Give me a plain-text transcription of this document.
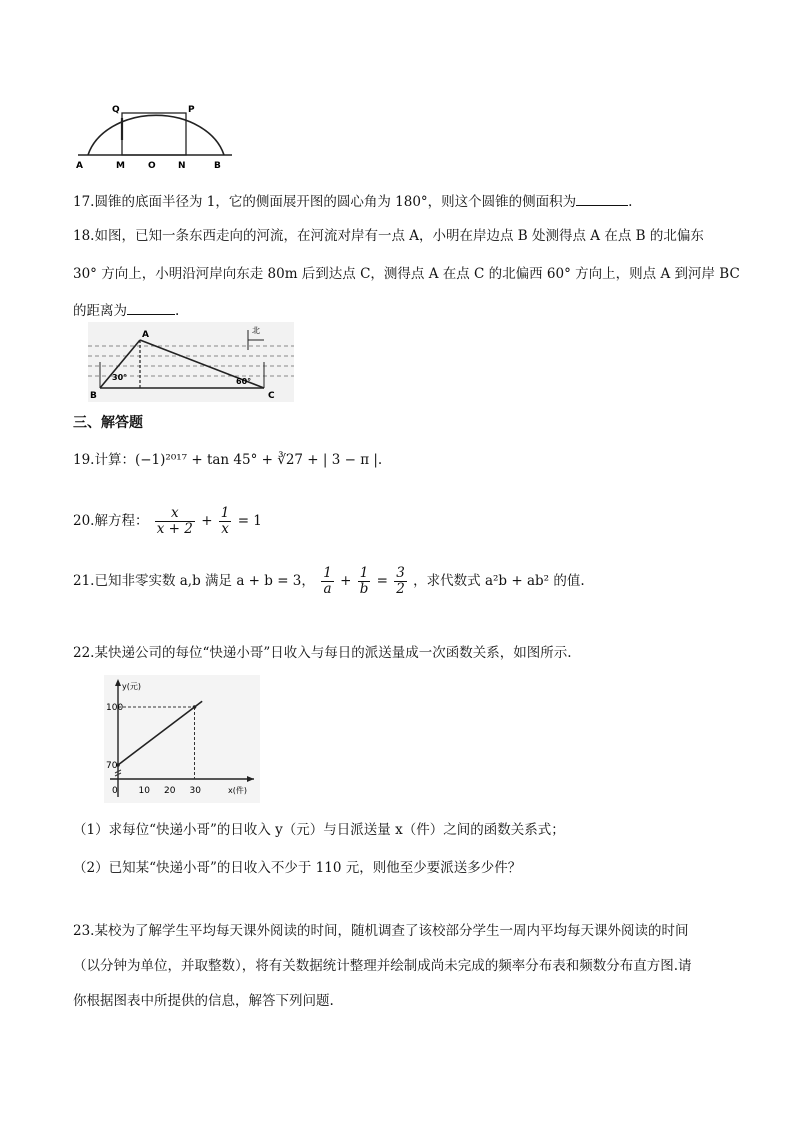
Q	P
A	M	O N	B
17.圆锥的底面半径为 1，它的侧面展开图的圆心角为 180°，则这个圆锥的侧面积为	.
18.如图，已知一条东西走向的河流，在河流对岸有一点 A，小明在岸边点 B 处测得点 A 在点 B 的北偏东
30° 方向上，小明沿河岸向东走 80m 后到达点 C，测得点 A 在点 C 的北偏西 60° 方向上，则点 A 到河岸 BC
的距离为	.
北
A
B	C
60°
30°
三、解答题
19.计算：(−1)²⁰¹⁷ + tan 45° + ∛27 + | 3 − π |.
20.解方程： $\frac{x}{x + 2} + \frac{1}{x} = 1$
21.已知非零实数 a,b 满足 a + b = 3， $\frac{1}{a} + \frac{1}{b} = \frac{3}{2}$ ，求代数式 a²b + ab² 的值.
22.某快递公司的每位“快递小哥”日收入与每日的派送量成一次函数关系，如图所示.
y(元)
x(件)
100
70
0 10 20 30
（1）求每位“快递小哥”的日收入 y（元）与日派送量 x（件）之间的函数关系式；
（2）已知某“快递小哥”的日收入不少于 110 元，则他至少要派送多少件？
23.某校为了解学生平均每天课外阅读的时间，随机调查了该校部分学生一周内平均每天课外阅读的时间
（以分钟为单位，并取整数），将有关数据统计整理并绘制成尚未完成的频率分布表和频数分布直方图.请
你根据图表中所提供的信息，解答下列问题.
